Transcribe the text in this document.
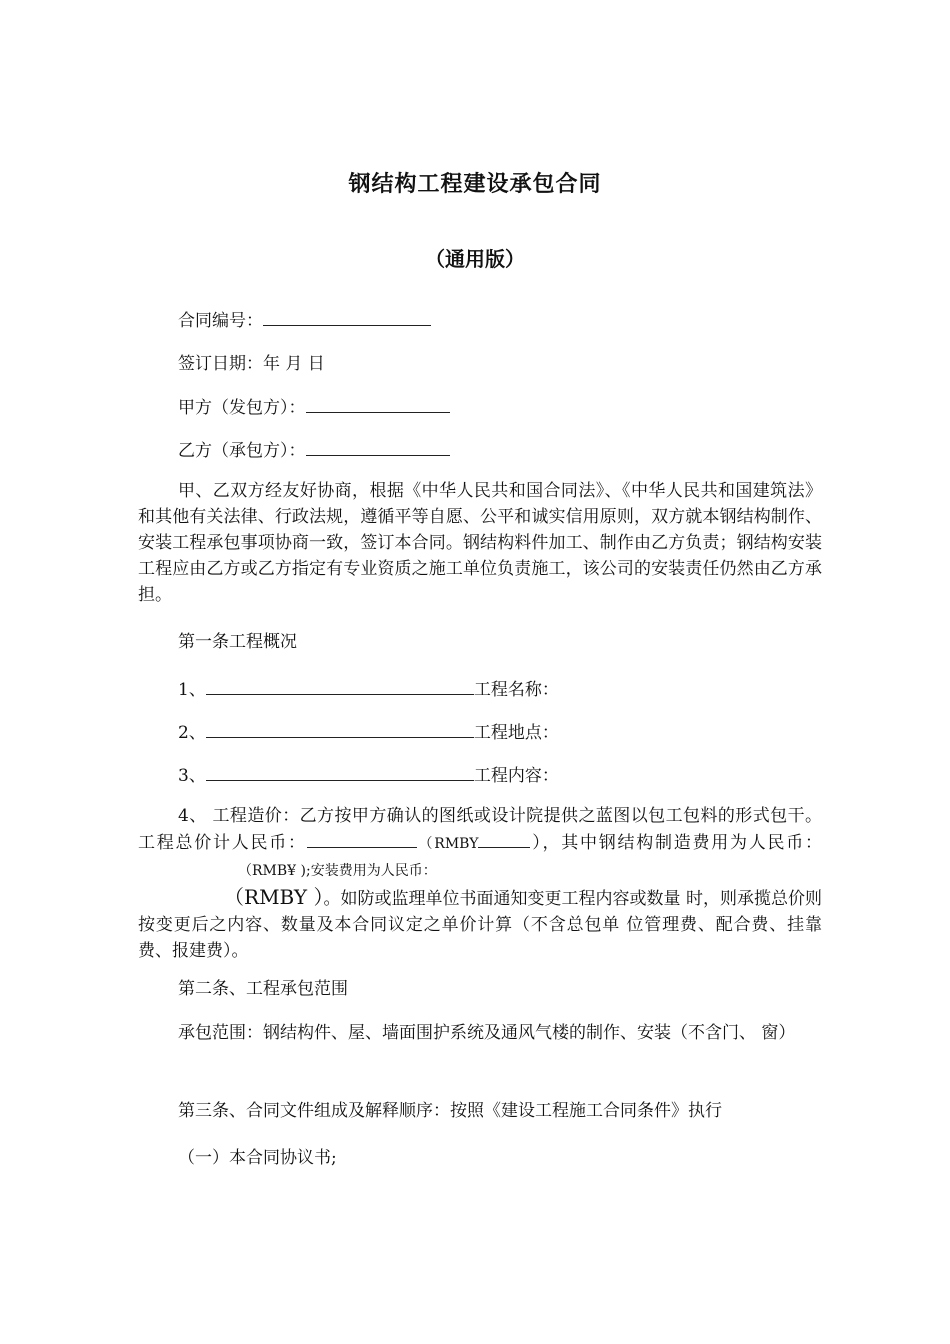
钢结构工程建设承包合同
（通用版）
合同编号：
签订日期：年 月 日
甲方（发包方）：
乙方（承包方）：
甲、乙双方经友好协商，根据《中华人民共和国合同法》、《中华人民共和国建筑法》和其他有关法律、行政法规，遵循平等自愿、公平和诚实信用原则，双方就本钢结构制作、安装工程承包事项协商一致，签订本合同。钢结构料件加工、制作由乙方负责；钢结构安装工程应由乙方或乙方指定有专业资质之施工单位负责施工，该公司的安装责任仍然由乙方承担。
第一条工程概况
1、	工程名称：
2、	工程地点：
3、	工程内容：
4、 工程造价：乙方按甲方确认的图纸或设计院提供之蓝图以包工包料的形式包干。工程总价计人民币：	（RMBY	），其中钢结构制造费用为人民币：（RMB¥ );安装费用为人民币：
（RMBY ）。如防或监理单位书面通知变更工程内容或数量 时，则承揽总价则按变更后之内容、数量及本合同议定之单价计算（不含总包单 位管理费、配合费、挂靠费、报建费）。
第二条、工程承包范围
承包范围：钢结构件、屋、墙面围护系统及通风气楼的制作、安装（不含门、 窗）
第三条、合同文件组成及解释顺序：按照《建设工程施工合同条件》执行
（一）本合同协议书;
